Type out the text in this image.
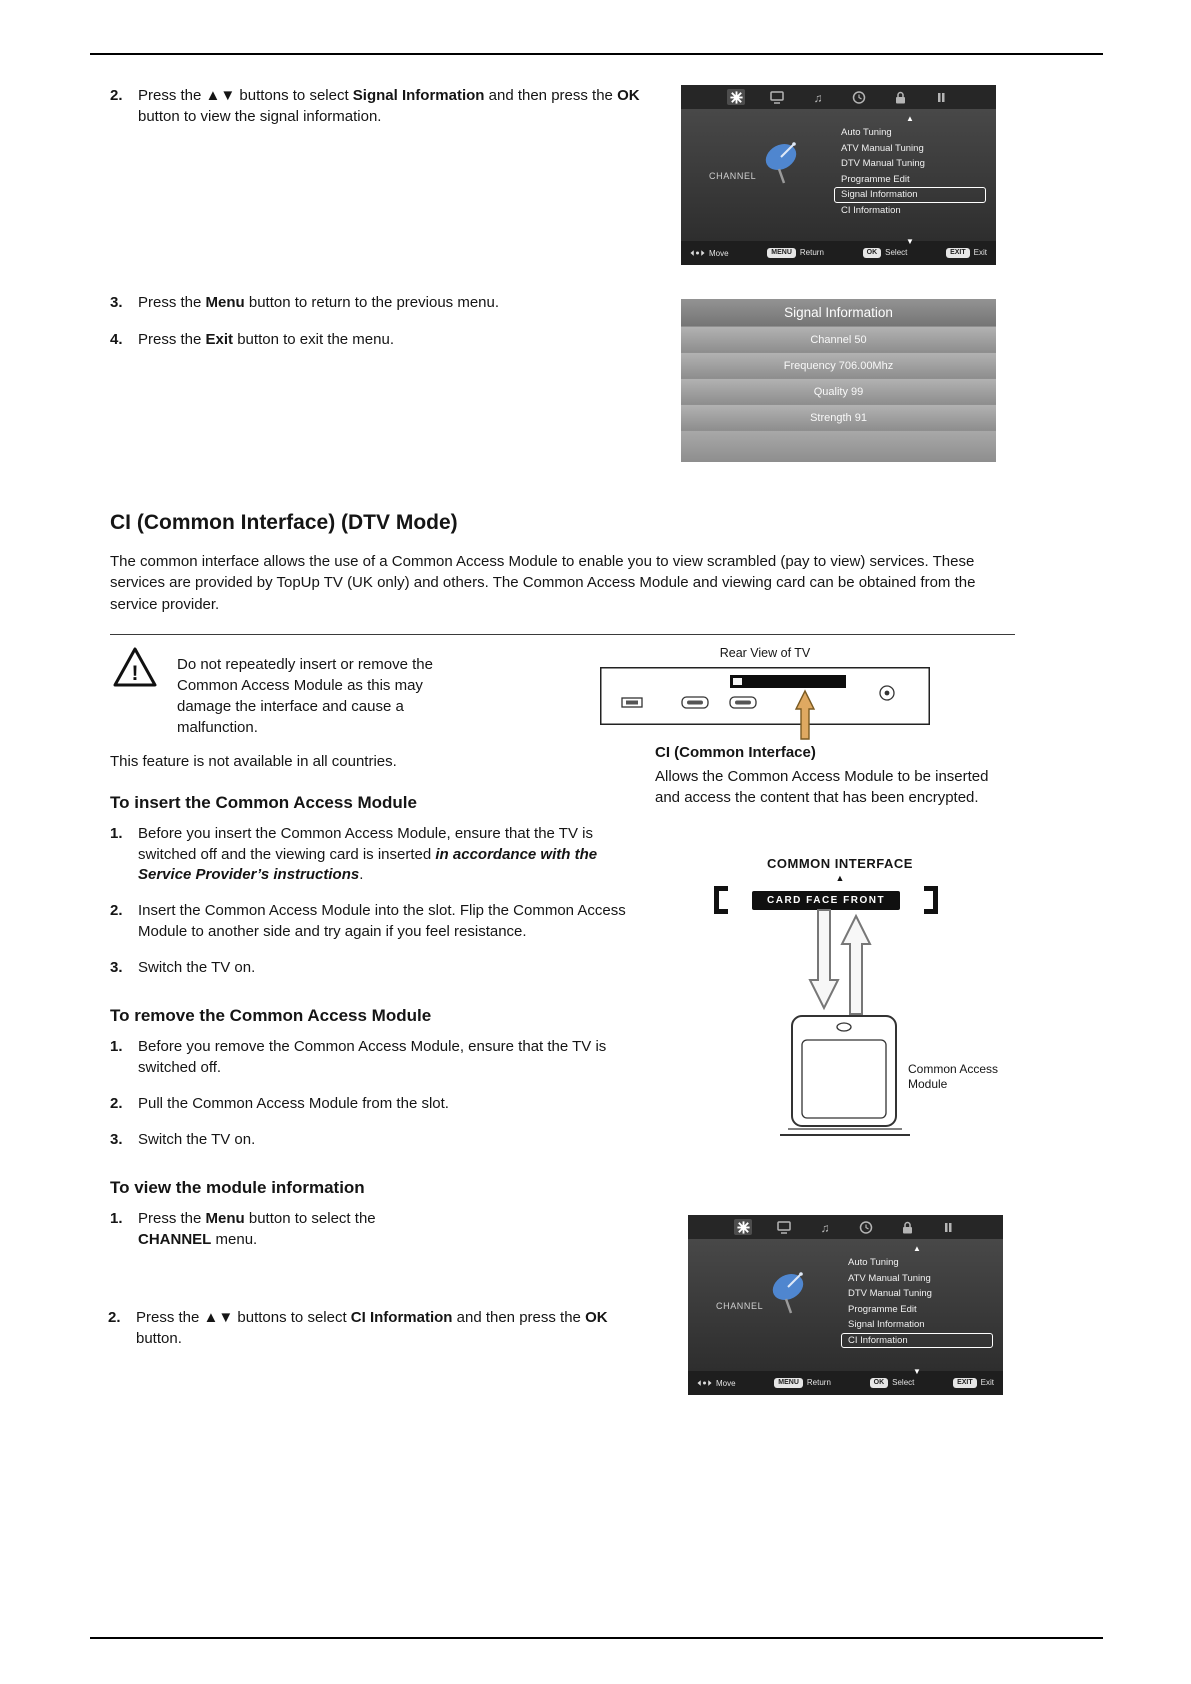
2.	Press the ▲▼ buttons to select Signal Information and then press the OK button to view the signal information.
♫
CHANNEL
▲
Auto Tuning
ATV Manual Tuning
DTV Manual Tuning
Programme Edit
Signal Information
CI Information
▼
Move	MENU	Return	OK	Select	EXIT	Exit
3.	Press the Menu button to return to the previous menu.
4.	Press the Exit button to exit the menu.
Signal Information
Channel 50
Frequency 706.00Mhz
Quality 99
Strength 91
CI (Common Interface) (DTV Mode)
The common interface allows the use of a Common Access Module to enable you to view scrambled (pay to view) services. These services are provided by TopUp TV (UK only) and others. The Common Access Module and viewing card can be obtained from the service provider.
!	Do not repeatedly insert or remove the Common Access Module as this may damage the interface and cause a malfunction.
Rear View of TV
CI (Common Interface)
Allows the Common Access Module to be inserted and access the content that has been encrypted.
This feature is not available in all countries.
To insert the Common Access Module
1.	Before you insert the Common Access Module, ensure that the TV is switched off and the viewing card is inserted in accordance with the Service Provider’s instructions.
2.	Insert the Common Access Module into the slot. Flip the Common Access Module to another side and try again if you feel resistance.
3.	Switch the TV on.
COMMON INTERFACE
▲
CARD FACE FRONT
Common Access Module
To remove the Common Access Module
1.	Before you remove the Common Access Module, ensure that the TV is switched off.
2.	Pull the Common Access Module from the slot.
3.	Switch the TV on.
To view the module information
1.	Press the Menu button to select the CHANNEL menu.
2.	Press the ▲▼ buttons to select CI Information and then press the OK button.
♫
CHANNEL
▲
Auto Tuning
ATV Manual Tuning
DTV Manual Tuning
Programme Edit
Signal Information
CI Information
▼
Move	MENU	Return	OK	Select	EXIT	Exit
